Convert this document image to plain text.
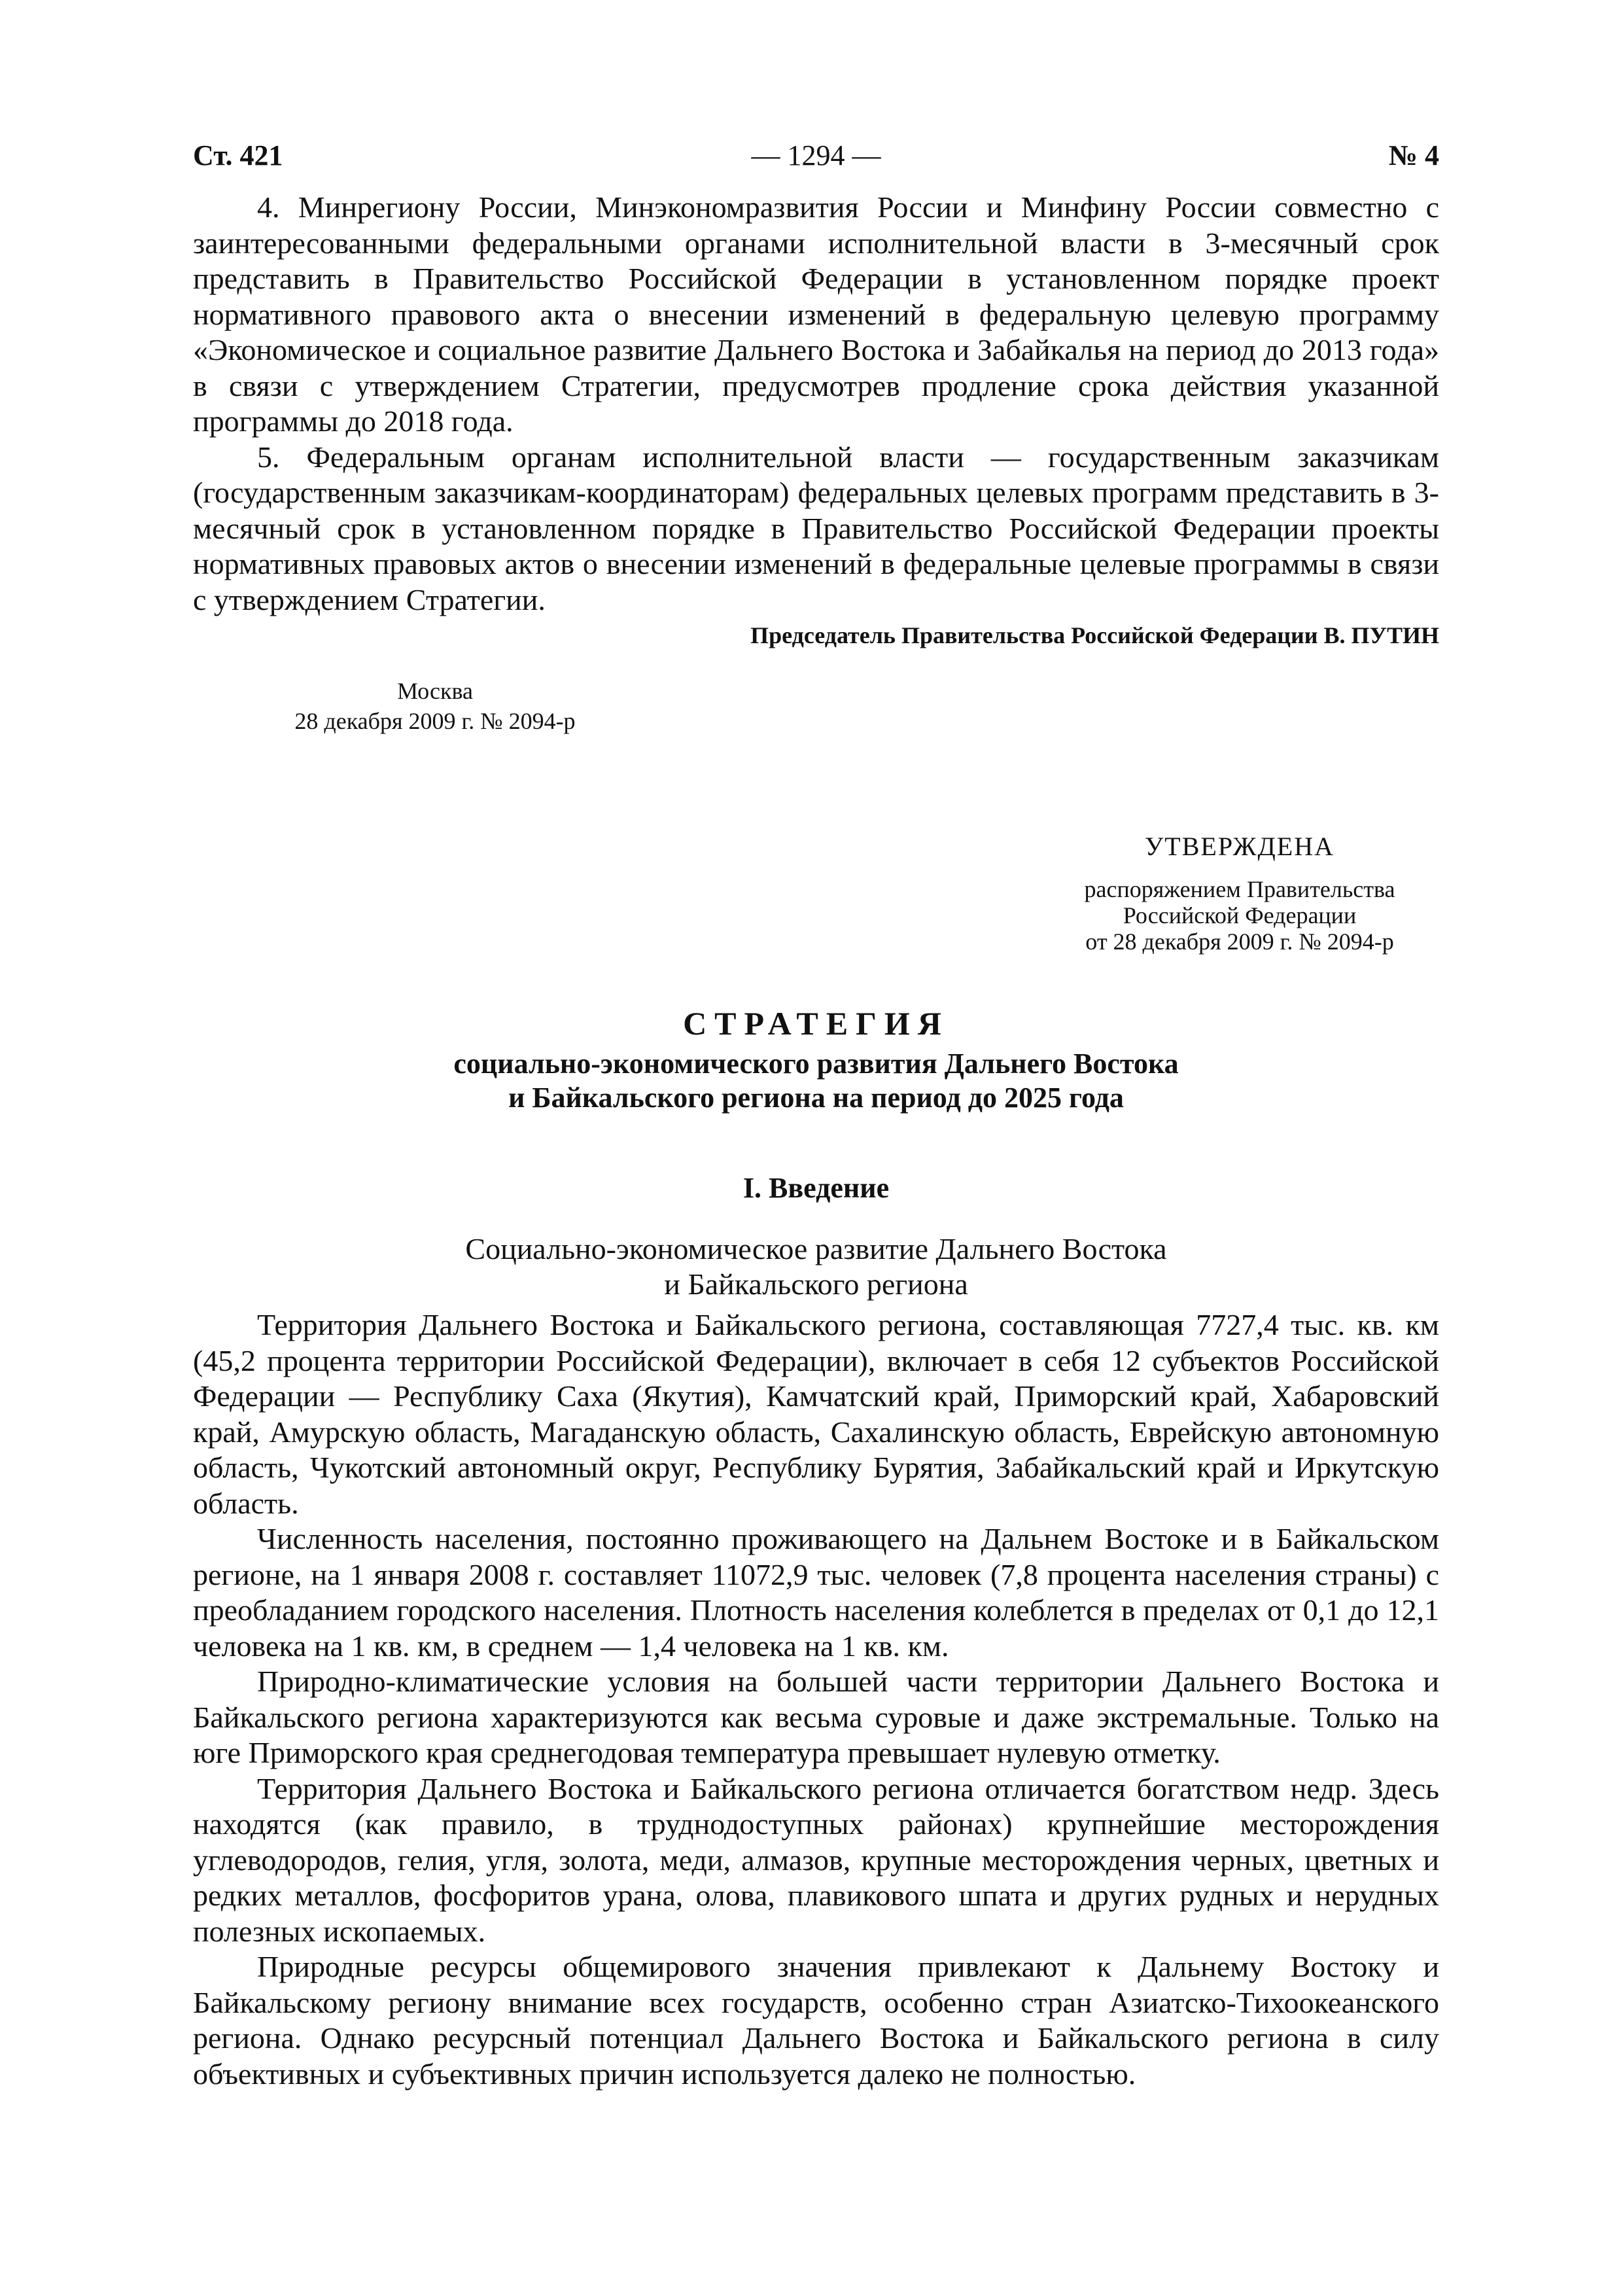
Ст. 421	— 1294 —	№ 4

4. Минрегиону России, Минэкономразвития России и Минфину России совместно с заинтересованными федеральными органами исполнительной власти в 3-месячный срок представить в Правительство Российской Федерации в установленном порядке проект нормативного правового акта о внесении изменений в федеральную целевую программу «Экономическое и социальное развитие Дальнего Востока и Забайкалья на период до 2013 года» в связи с утверждением Стратегии, предусмотрев продление срока действия указанной программы до 2018 года.

5. Федеральным органам исполнительной власти — государственным заказчикам (государственным заказчикам-координаторам) федеральных целевых программ представить в 3-месячный срок в установленном порядке в Правительство Российской Федерации проекты нормативных правовых актов о внесении изменений в федеральные целевые программы в связи с утверждением Стратегии.

Председатель Правительства Российской Федерации В. ПУТИН
Москва
28 декабря 2009 г. № 2094-р
УТВЕРЖДЕНА
распоряжением Правительства
Российской Федерации
от 28 декабря 2009 г. № 2094-р
СТРАТЕГИЯ
социально-экономического развития Дальнего Востока
и Байкальского региона на период до 2025 года
I. Введение
Социально-экономическое развитие Дальнего Востока
и Байкальского региона

Территория Дальнего Востока и Байкальского региона, составляющая 7727,4 тыс. кв. км (45,2 процента территории Российской Федерации), включает в себя 12 субъектов Российской Федерации — Республику Саха (Якутия), Камчатский край, Приморский край, Хабаровский край, Амурскую область, Магаданскую область, Сахалинскую область, Еврейскую автономную область, Чукотский автономный округ, Республику Бурятия, Забайкальский край и Иркутскую область.

Численность населения, постоянно проживающего на Дальнем Востоке и в Байкальском регионе, на 1 января 2008 г. составляет 11072,9 тыс. человек (7,8 процента населения страны) с преобладанием городского населения. Плотность населения колеблется в пределах от 0,1 до 12,1 человека на 1 кв. км, в среднем — 1,4 человека на 1 кв. км.

Природно-климатические условия на большей части территории Дальнего Востока и Байкальского региона характеризуются как весьма суровые и даже экстремальные. Только на юге Приморского края среднегодовая температура превышает нулевую отметку.

Территория Дальнего Востока и Байкальского региона отличается богатством недр. Здесь находятся (как правило, в труднодоступных районах) крупнейшие месторождения углеводородов, гелия, угля, золота, меди, алмазов, крупные месторождения черных, цветных и редких металлов, фосфоритов урана, олова, плавикового шпата и других рудных и нерудных полезных ископаемых.

Природные ресурсы общемирового значения привлекают к Дальнему Востоку и Байкальскому региону внимание всех государств, особенно стран Азиатско-Тихоокеанского региона. Однако ресурсный потенциал Дальнего Востока и Байкальского региона в силу объективных и субъективных причин используется далеко не полностью.
